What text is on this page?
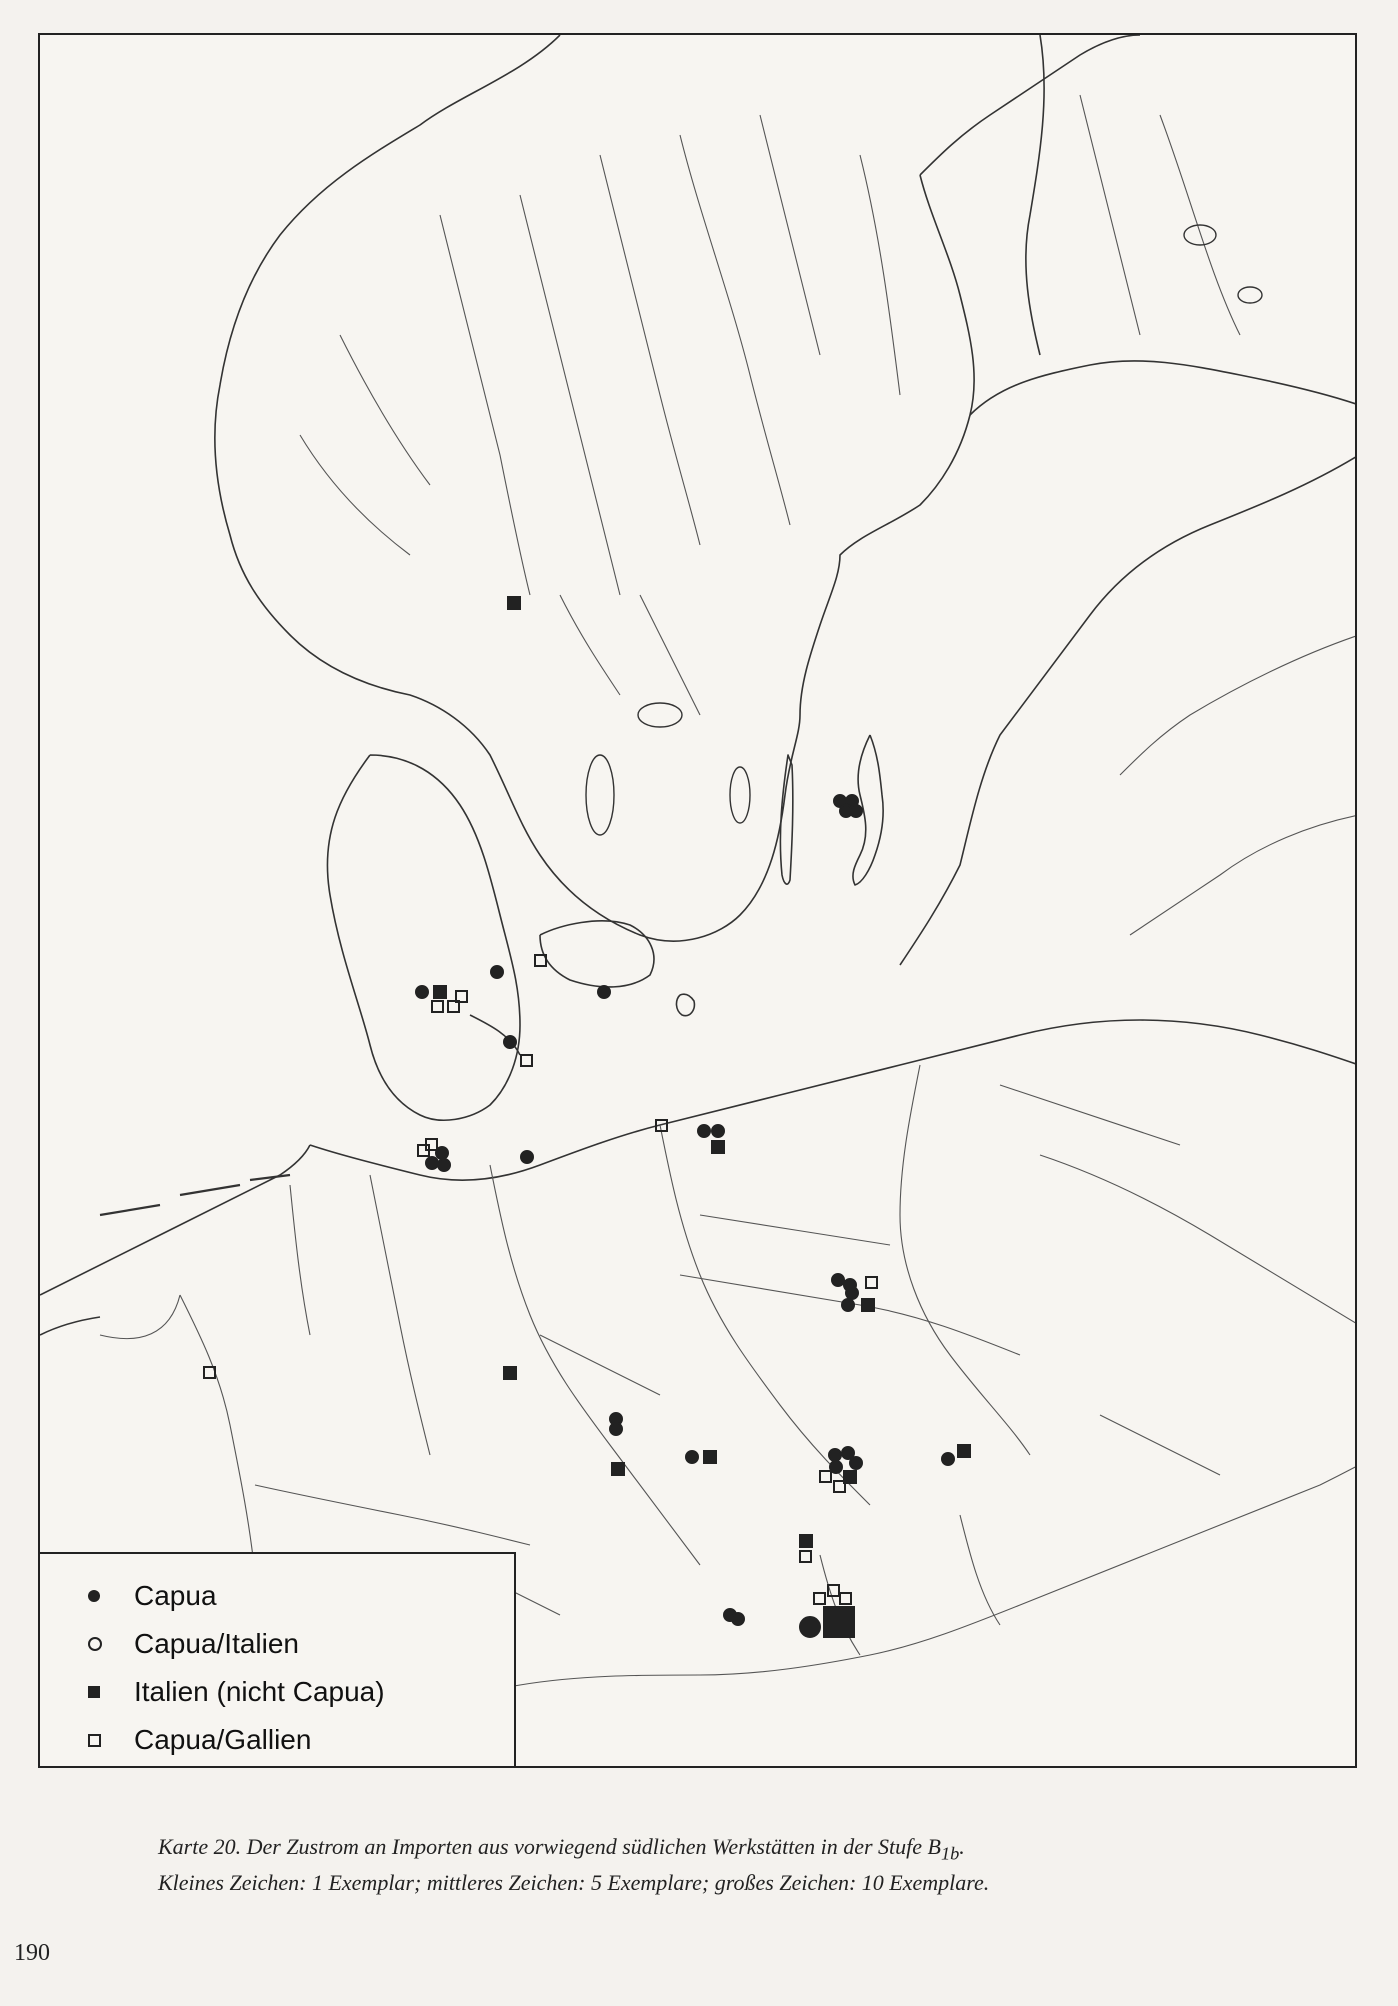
Capua
Capua/Italien
Italien (nicht Capua)
Capua/Gallien
Karte 20. Der Zustrom an Importen aus vorwiegend südlichen Werkstätten in der Stufe $B_{1b}$.
Kleines Zeichen: 1 Exemplar; mittleres Zeichen: 5 Exemplare; großes Zeichen: 10 Exemplare.
190
